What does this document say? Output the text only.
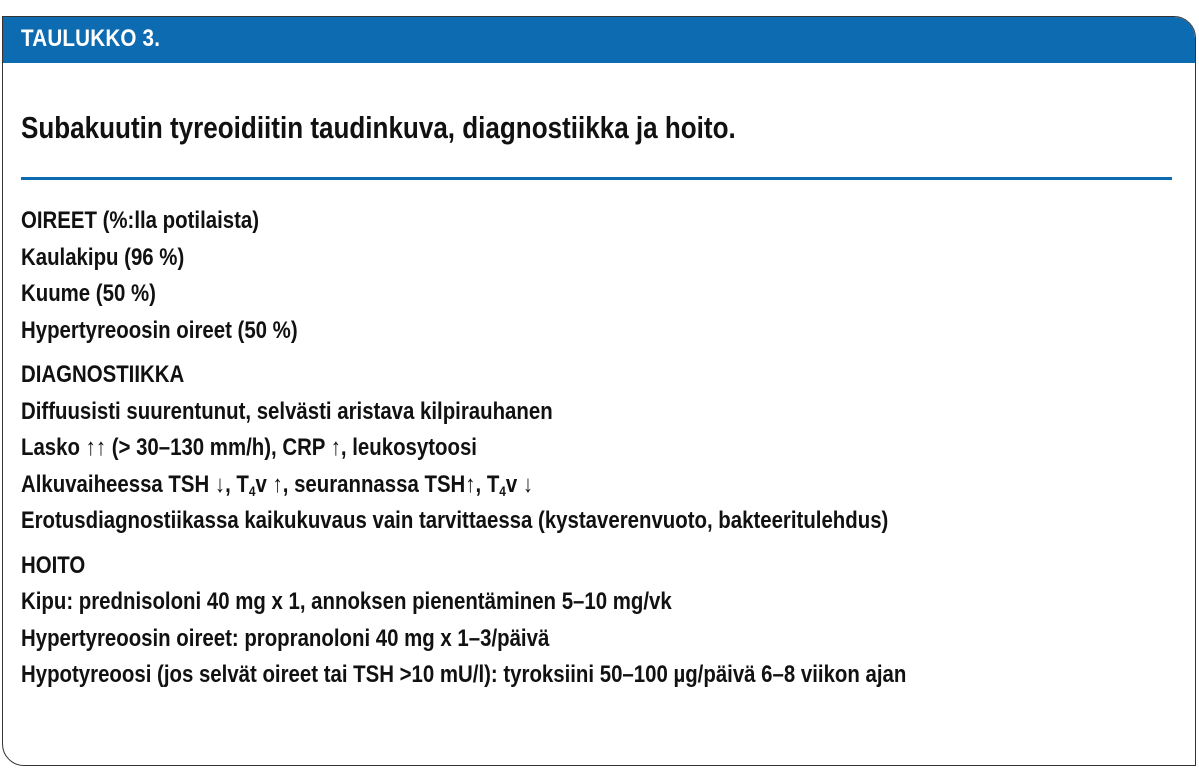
TAULUKKO 3.
Subakuutin tyreoidiitin taudinkuva, diagnostiikka ja hoito.
OIREET (%:lla potilaista)
Kaulakipu (96 %)
Kuume (50 %)
Hypertyreoosin oireet (50 %)
DIAGNOSTIIKKA
Diffuusisti suurentunut, selvästi aristava kilpirauhanen
Lasko ↑↑ (> 30–130 mm/h), CRP ↑, leukosytoosi
Alkuvaiheessa TSH ↓, $T_4v$ ↑, seurannassa TSH↑, $T_4v$ ↓
Erotusdiagnostiikassa kaikukuvaus vain tarvittaessa (kystaverenvuoto, bakteeritulehdus)
HOITO
Kipu: prednisoloni 40 mg x 1, annoksen pienentäminen 5–10 mg/vk
Hypertyreoosin oireet: propranoloni 40 mg x 1–3/päivä
Hypotyreoosi (jos selvät oireet tai TSH >10 mU/l): tyroksiini 50–100 µg/päivä 6–8 viikon ajan
